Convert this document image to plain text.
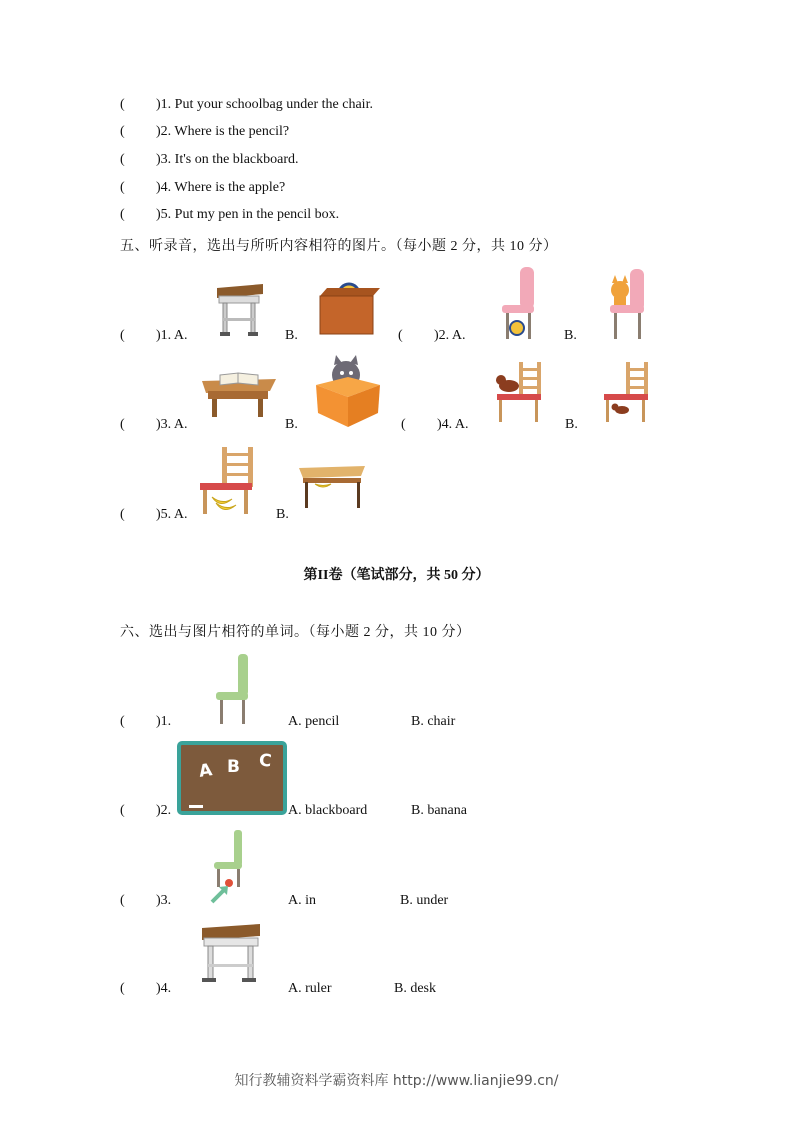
( )1. Put your schoolbag under the chair.
( )2. Where is the pencil?
( )3. It's on the blackboard.
( )4. Where is the apple?
( )5. Put my pen in the pencil box.
五、听录音，选出与所听内容相符的图片。（每小题 2 分，共 10 分）
( )1. A.	B.	( )2. A.	B.
( )3. A.	B.	( )4. A.	B.
( )5. A.	B.
第II卷（笔试部分，共 50 分）
六、选出与图片相符的单词。（每小题 2 分，共 10 分）
( )1.	A. pencil	B. chair
( )2.	A. blackboard	B. banana
( )3.	A. in	B. under
( )4.	A. ruler	B. desk
A B C
知行教辅资料学霸资料库 http://www.lianjie99.cn/
